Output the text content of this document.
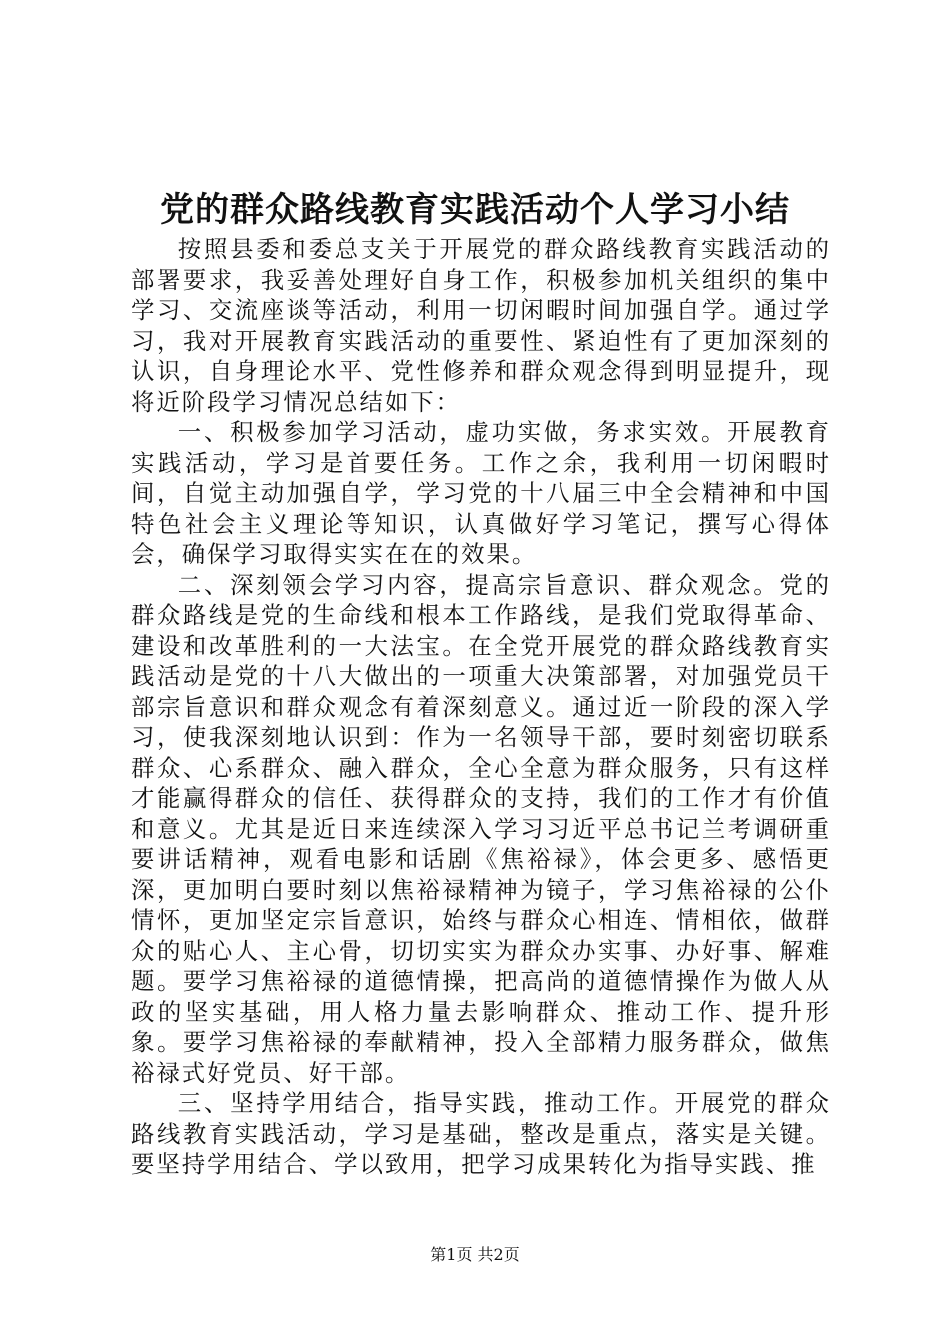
党的群众路线教育实践活动个人学习小结

按照县委和委总支关于开展党的群众路线教育实践活动的部署要求，我妥善处理好自身工作，积极参加机关组织的集中学习、交流座谈等活动，利用一切闲暇时间加强自学。通过学习，我对开展教育实践活动的重要性、紧迫性有了更加深刻的认识，自身理论水平、党性修养和群众观念得到明显提升，现将近阶段学习情况总结如下：

一、积极参加学习活动，虚功实做，务求实效。开展教育实践活动，学习是首要任务。工作之余，我利用一切闲暇时间，自觉主动加强自学，学习党的十八届三中全会精神和中国特色社会主义理论等知识，认真做好学习笔记，撰写心得体会，确保学习取得实实在在的效果。

二、深刻领会学习内容，提高宗旨意识、群众观念。党的群众路线是党的生命线和根本工作路线，是我们党取得革命、建设和改革胜利的一大法宝。在全党开展党的群众路线教育实践活动是党的十八大做出的一项重大决策部署，对加强党员干部宗旨意识和群众观念有着深刻意义。通过近一阶段的深入学习，使我深刻地认识到：作为一名领导干部，要时刻密切联系群众、心系群众、融入群众，全心全意为群众服务，只有这样才能赢得群众的信任、获得群众的支持，我们的工作才有价值和意义。尤其是近日来连续深入学习习近平总书记兰考调研重要讲话精神，观看电影和话剧《焦裕禄》，体会更多、感悟更深，更加明白要时刻以焦裕禄精神为镜子，学习焦裕禄的公仆情怀，更加坚定宗旨意识，始终与群众心相连、情相依，做群众的贴心人、主心骨，切切实实为群众办实事、办好事、解难题。要学习焦裕禄的道德情操，把高尚的道德情操作为做人从政的坚实基础，用人格力量去影响群众、推动工作、提升形象。要学习焦裕禄的奉献精神，投入全部精力服务群众，做焦裕禄式好党员、好干部。

三、坚持学用结合，指导实践，推动工作。开展党的群众路线教育实践活动，学习是基础，整改是重点，落实是关键。要坚持学用结合、学以致用，把学习成果转化为指导实践、推

第1页 共2页
